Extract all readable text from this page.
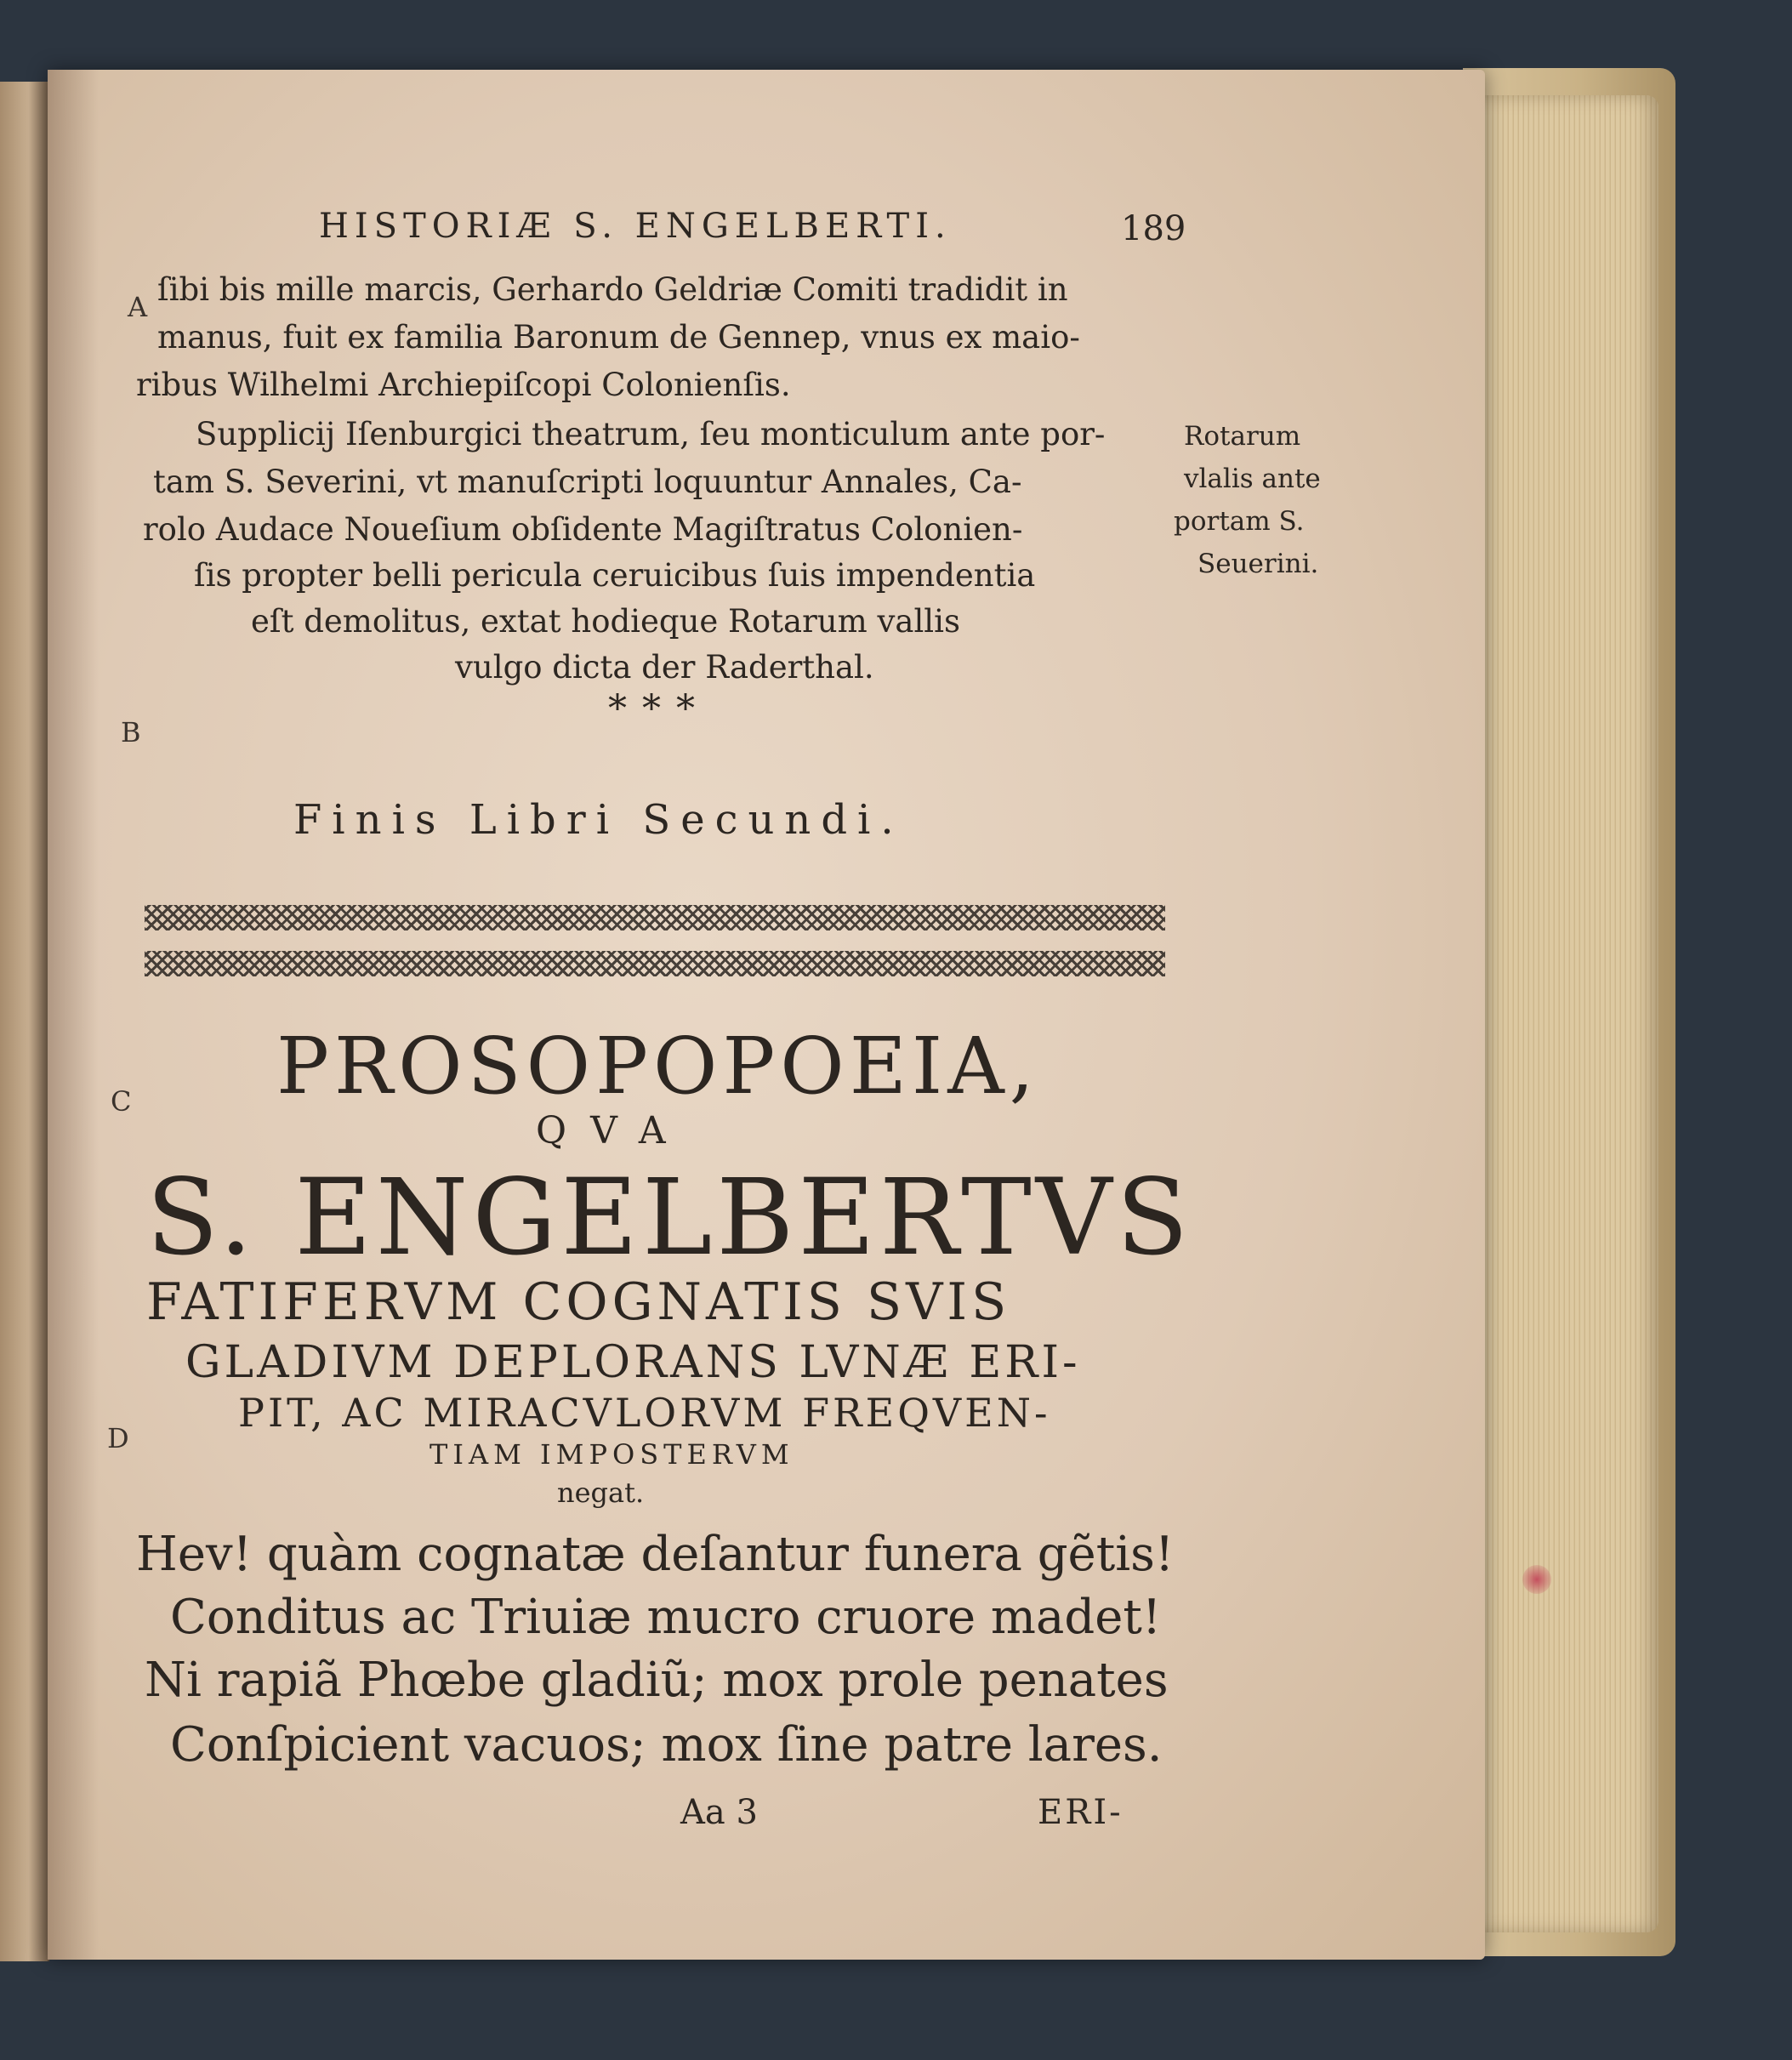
HISTORIÆ S. ENGELBERTI.	189

A

B

C

D

ſibi bis mille marcis, Gerhardo Geldriæ Comiti tradidit in

manus, fuit ex familia Baronum de Gennep, vnus ex maio-

ribus Wilhelmi Archiepiſcopi Colonienſis.

Supplicij Iſenburgici theatrum, ſeu monticulum ante por-

tam S. Severini, vt manuſcripti loquuntur Annales, Ca-

rolo Audace Noueſium obſidente Magiſtratus Colonien-

ſis propter belli pericula ceruicibus ſuis impendentia

eſt demolitus, extat hodieque Rotarum vallis

vulgo dicta der Raderthal.

Rotarum

vlalis ante

portam S.

Seuerini.

* * *

Finis Libri Secundi.

PROSOPOPOEIA,

QVA

S. ENGELBERTVS

FATIFERVM COGNATIS SVIS

GLADIVM DEPLORANS LVNÆ ERI-

PIT, AC MIRACVLORVM FREQVEN-

TIAM IMPOSTERVM

negat.

Hev! quàm cognatæ deſantur funera gẽtis!

Conditus ac Triuiæ mucro cruore madet!

Ni rapiã Phœbe gladiũ; mox prole penates

Conſpicient vacuos; mox ſine patre lares.

Aa 3	ERI-
